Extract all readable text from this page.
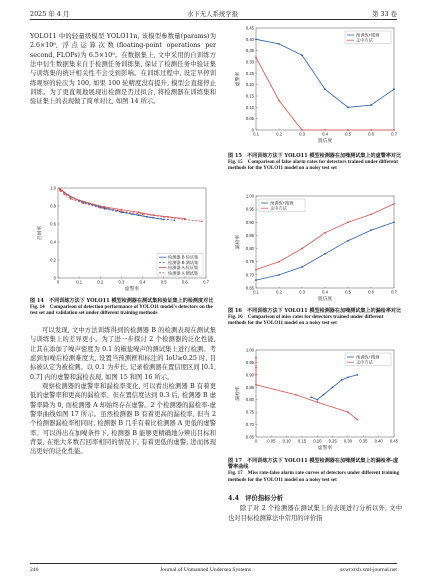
2025 年 4 月	水下无人系统学报	第 33 卷

YOLO11 中的轻量级模型 YOLO11n, 该模型参数量(params)为 2.6×10⁶, 浮点运算次数(floating-point operations per second, FLOPs)为 6.5×10⁹。在数据集上, 文中采用的自训练方法中衍生数据集来自于检测任务训练集, 保证了检测任务中验证集与训练集的统计相关性不会受到影响。在训练过程中, 设定早停训练观察的轮次为 100, 如果 100 轮精度没有提升, 模型会直接停止训练。为了更直观地展现出检测是否过拟合, 将检测器在训练集和验证集上的表现做了简单对比, 如图 14 所示。

0	0.1	0.2	0.3	0.4	0.5	0.6	0.7
0
0.2
0.4
0.6
0.8
1.0
虚警率
召回率
检测器 B 验证集
检测器 B 测试集
检测器 A 验证集
检测器 A 测试集
图 14　不同训练方法下 YOLO11 模型检测器在测试集和验证集上的检测度对比
Fig. 14　Comparison of detection performance of YOLO11 model's detectors on the test set and validation set under different training methods

可以发现, 文中方法训练得到的检测器 B 的检测表现在测试集与训练集上的差异更小。为了进一步探讨 2 个检测器的泛化性能, 让其在添加了噪声密度为 0.1 的椒盐噪声的测试集上进行检测。考虑到加噪后检测难度大, 设置当预测框和标注的 IoU≥0.25 时, 目标被认定为被检测。以 0.1 为步长, 记录检测器在置信度区间 [0.1, 0.7] 内的虚警和漏检表现, 如图 15 和图 16 所示。

观察检测器的虚警率和漏检率变化, 可以看出检测器 B 有着更低的虚警率和更高的漏检率。但在置信度达到 0.3 后, 检测器 B 虚警率降为 0, 而检测器 A 却始终存在虚警。2 个检测器的漏检率-虚警率曲线如图 17 所示。虽然检测器 B 有着更高的漏检率, 但当 2 个检测器漏检率相同时, 检测器 B 几乎有着比检测器 A 更低的虚警率。可以得出在加噪条件下, 检测器 B 能够更精确地分辨出目标和背景, 在绝大多数召回率相同的情况下, 有着更低的虚警, 进而体现出更好的泛化性能。

0.1	0.2	0.3	0.4	0.5	0.6	0.7
0
0.05
0.10
0.15
0.20
0.25
0.30
0.35
0.40
0.45
置信度
虚警率
预训练+精调
文中方法
图 15　不同训练方法下 YOLO11 模型检测器在加噪测试集上的虚警率对比
Fig. 15　Comparison of false alarm rates for detectors trained under different methods for the YOLO11 model on a noisy test set
0.1	0.2	0.3	0.4	0.5	0.6	0.7
0.65
0.70
0.75
0.80
0.85
0.90
0.95
1.00
置信度
漏检率
预训练+精调
文中方法
图 16　不同训练方法下 YOLO11 模型检测器在加噪测试集上的漏检率对比
Fig. 16　Comparison of miss rates for detectors trained under different methods for the YOLO11 model on a noisy test set
0 0.05 0.10 0.15 0.20 0.25 0.30 0.35 0.40 0.45
0.65
0.70
0.75
0.80
0.85
0.90
0.95
1.00
虚警率
漏检率
预训练+精调
文中方法
图 17　不同训练方法下 YOLO11 模型检测器在加噪测试集上的漏检率-虚警率曲线
Fig. 17　Miss rate-false alarm rate curves of detectors under different training methods for the YOLO11 model on a noisy test set

4.4　评价指标分析

除了对 2 个检测器在测试集上的表现进行分析以外, 文中也对目标检测算法中常用的评价指

246	Journal of Unmanned Undersea Systems	sxwrxtxb.xml-journal.net
